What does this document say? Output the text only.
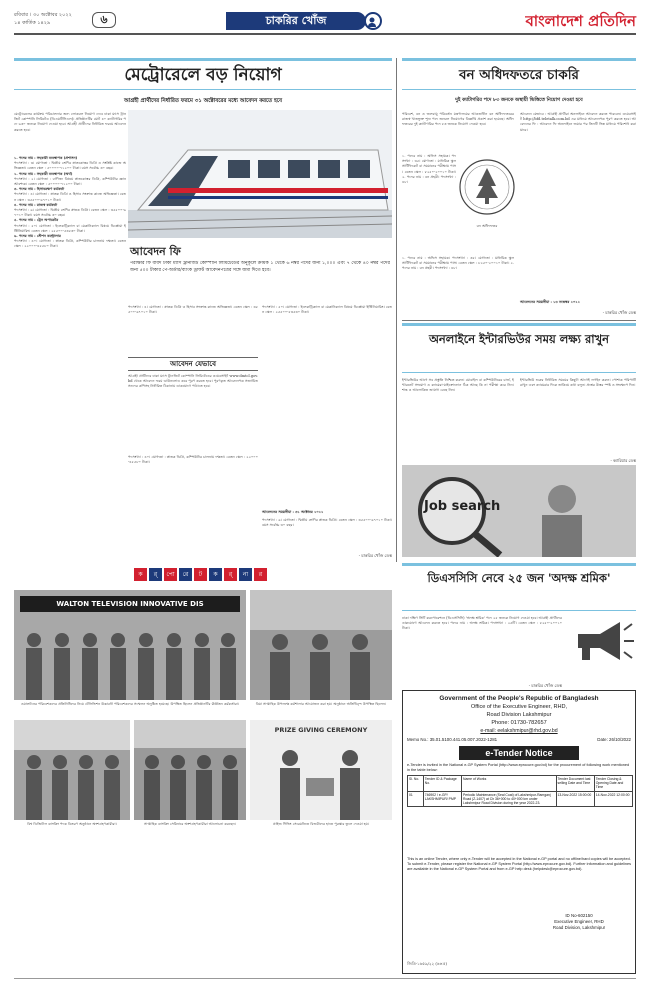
রবিবার । ৩০ অক্টোবর ২০২২
১৪ কার্তিক ১৪২৯	৬	চাকরির খোঁজ	বাংলাদেশ প্রতিদিন
মেট্রোরেলে বড় নিয়োগ
আগ্রহী প্রার্থীদের নির্ধারিত ফরমে ৩১ অক্টোবরের মধ্যে আবেদন করতে হবে
মেট্রোরেলের কার্যক্রম পরিচালনার জন্য লোকবল নিয়োগ দেবে ঢাকা ম্যাস ট্রানজিট কোম্পানি লিমিটেড (ডিএমটিসিএল)। প্রতিষ্ঠানটির মোট ৪০ ক্যাটাগরির পদে ৬৩০ জনকে নিয়োগ দেওয়া হবে। আগ্রহী প্রার্থীদের নির্ধারিত ফরমে আবেদন করতে হবে।
১. পদের নাম : সহকারী ব্যবস্থাপক (প্রশাসন)
পদসংখ্যা : ৩। যোগ্যতা : দ্বিতীয় শ্রেণির স্নাতকোত্তর ডিগ্রি ও সংশ্লিষ্ট কাজে অভিজ্ঞতা। বেতন স্কেল : ৫০০০০-৭১২০০ টাকা। বয়স সর্বোচ্চ ৩০ বছর।
২. পদের নাম : সহকারী ব্যবস্থাপক (অর্থ)
পদসংখ্যা : ২। যোগ্যতা : বাণিজ্য বিষয়ে স্নাতকোত্তর ডিগ্রি, কম্পিউটার জ্ঞান আবশ্যক। বেতন স্কেল : ৫০০০০-৭১২০০ টাকা।
৩. পদের নাম : হিসাবরক্ষণ কর্মকর্তা
পদসংখ্যা : ৪। যোগ্যতা : স্নাতক ডিগ্রি ও হিসাব সংক্রান্ত কাজে অভিজ্ঞতা। বেতন স্কেল : ৩৫৫০০-৬৭০১০ টাকা।
৪. পদের নাম : রাজস্ব কর্মকর্তা
পদসংখ্যা : ৬। যোগ্যতা : দ্বিতীয় শ্রেণির স্নাতক ডিগ্রি। বেতন স্কেল : ৩৫৫০০-৬৭০১০ টাকা। বয়স সর্বোচ্চ ৩০ বছর।
৫. পদের নাম : ট্রেন অপারেটর
পদসংখ্যা : ৫০। যোগ্যতা : ইলেকট্রিক্যাল বা মেকানিক্যাল বিষয়ে ডিপ্লোমা ইঞ্জিনিয়ারিং। বেতন স্কেল : ২৫৫০০-৫৩৫৩০ টাকা।
৬. পদের নাম : স্টেশন কন্ট্রোলার
পদসংখ্যা : ৪০। যোগ্যতা : স্নাতক ডিগ্রি, কম্পিউটার চালনায় দক্ষতা। বেতন স্কেল : ২২০০০-৪৫৫৮০ টাকা।	আবেদন ফি
পরীক্ষার ফি বাবদ ঢাকা ম্যাস ট্রানজিট কোম্পানি লিমিটেডের অনুকূলে ক্রমিক ১ থেকে ৬ নম্বর পদের জন্য ১,০০০ এবং ৭ থেকে ৪০ নম্বর পদের জন্য ৫০০ টাকার পে-অর্ডার/ব্যাংক ড্রাফট আবেদনপত্রের সঙ্গে জমা দিতে হবে।
পদসংখ্যা : ৪। যোগ্যতা : স্নাতক ডিগ্রি ও হিসাব সংক্রান্ত কাজে অভিজ্ঞতা। বেতন স্কেল : ৩৫৫০০-৬৭০১০ টাকা।
আবেদন যেভাবে
আগ্রহী প্রার্থীদের ঢাকা ম্যাস ট্রানজিট কোম্পানি লিমিটেডের ওয়েবসাইট www.dmtcl.gov.bd থেকে আবেদন ফরম ডাউনলোড করে পূরণ করতে হবে। পূরণকৃত আবেদনপত্র সত্যায়িত সনদের কপিসহ নির্ধারিত ঠিকানায় ডাকযোগে পাঠাতে হবে।
পদসংখ্যা : ৪০। যোগ্যতা : স্নাতক ডিগ্রি, কম্পিউটার চালনায় দক্ষতা। বেতন স্কেল : ২২০০০-৪৫৫৮০ টাকা।
পদসংখ্যা : ৫০। যোগ্যতা : ইলেকট্রিক্যাল বা মেকানিক্যাল বিষয়ে ডিপ্লোমা ইঞ্জিনিয়ারিং। বেতন স্কেল : ২৫৫০০-৫৩৫৩০ টাকা।
আবেদনের সময়সীমা : ৩১ অক্টোবর ২০২২
পদসংখ্যা : ৬। যোগ্যতা : দ্বিতীয় শ্রেণির স্নাতক ডিগ্রি। বেতন স্কেল : ৩৫৫০০-৬৭০১০ টাকা। বয়স সর্বোচ্চ ৩০ বছর।
- চাকরির খোঁজ ডেস্ক
বন অধিদফতরে চাকরি
দুই ক্যাটাগরির পদে ৮৩ জনকে অস্থায়ী ভিত্তিতে নিয়োগ দেওয়া হবে
পরিবেশ, বন ও জলবায়ু পরিবর্তন মন্ত্রণালয়ের আওতাধীন বন অধিদফতরের রাজস্ব খাতভুক্ত শূন্য পদে জনবল নিয়োগের বিজ্ঞপ্তি প্রকাশ করা হয়েছে। অধিদফতরের দুই ক্যাটাগরির পদে ৮৩ জনকে নিয়োগ দেওয়া হবে।
বন অধিদফতর
১. পদের নাম : অফিস সহায়ক। পদসংখ্যা : ৩৫। যোগ্যতা : মাধ্যমিক স্কুল সার্টিফিকেট বা সমমানের পরীক্ষায় পাস। বেতন স্কেল : ৮২৫০-২০০১০ টাকা। ২. পদের নাম : বন প্রহরী। পদসংখ্যা : ৪৮।
১. পদের নাম : অফিস সহায়ক। পদসংখ্যা : ৩৫। যোগ্যতা : মাধ্যমিক স্কুল সার্টিফিকেট বা সমমানের পরীক্ষায় পাস। বেতন স্কেল : ৮২৫০-২০০১০ টাকা। ২. পদের নাম : বন প্রহরী। পদসংখ্যা : ৪৮।
আবেদন যেভাবে : আগ্রহী প্রার্থীরা অনলাইনে আবেদন করতে পারবেন। ওয়েবসাইট http://bfd.teletalk.com.bd এর মাধ্যমে আবেদনপত্র পূরণ করতে হবে। আবেদনের ফি : আবেদন ফি অনলাইনে জমার পর তিনটি ভিন্ন মাধ্যমে পরিশোধ করা যাবে।
আবেদনের সময়সীমা : ১৩ নভেম্বর ২০২২
- চাকরির খোঁজ ডেস্ক
অনলাইনে ইন্টারভিউর সময় লক্ষ্য রাখুন
ইন্টারভিউর আগে সব প্রস্তুতি নিশ্চিত করুন। মোবাইল বা কম্পিউটারের চার্জ, ইন্টারনেট সংযোগ ও ক্যামেরা-মাইক্রোফোন ঠিক আছে কি না পরীক্ষা করে নিন। শান্ত ও আলোকিত জায়গা বেছে নিন।
ইন্টারভিউ শুরুর নির্ধারিত সময়ের কিছুটা আগেই লগইন করুন। পোশাক পরিপাটি রাখুন এবং ক্যামেরার দিকে তাকিয়ে কথা বলুন। প্রশ্নের উত্তর স্পষ্ট ও সংক্ষেপে দিন।
- ক্যারিয়ার ডেস্ক
Job search
ডিএসসিসি নেবে ২৫ জন 'অদক্ষ শ্রমিক'
ঢাকা দক্ষিণ সিটি করপোরেশনে (ডিএসসিসি) 'অদক্ষ শ্রমিক' পদে ২৫ জনকে নিয়োগ দেওয়া হবে। আগ্রহী প্রার্থীদের ডাকযোগে আবেদন করতে হবে। পদের নাম : অদক্ষ শ্রমিক। পদসংখ্যা : ২৫টি। বেতন স্কেল : ৮২৫০-২০০১০ টাকা।
- চাকরির খোঁজ ডেস্ক
ক	র্	পো	রে	ট	ক	র্	না	র
WALTON TELEVISION INNOVATIVE DIS
ওয়ালটনের পরিবেশকদের প্রতিনিধিদের নিয়ে টেলিভিশন উদ্ভাবনী পরিবেশকদের সম্মেলন অনুষ্ঠিত হয়েছে। উপস্থিত ছিলেন প্রতিষ্ঠানটির ঊর্ধ্বতন কর্মকর্তারা।	বিমা সাপ্তাহিক উপলক্ষে কর্মশালার আয়োজন করা হয়। অনুষ্ঠানে অতিথিবৃন্দ উপস্থিত ছিলেন।
বিশ্ব ডিজিটাল ব্যাংকিং পদক বিতরণ অনুষ্ঠানে অংশগ্রহণকারীরা।	সাপ্তাহিক ব্যাংকিং সেমিনারে অংশগ্রহণকারীরা আলোচনা করছেন।
PRIZE GIVING CEREMONY
প্রাইজ গিভিং সেরেমনিতে বিজয়ীদের হাতে পুরস্কার তুলে দেওয়া হয়।
Government of the People's Republic of Bangladesh
Office of the Executive Engineer, RHD,
Road Division Lakshmipur
Phone: 01730-782657
e-mail: eelakshmipur@rhd.gov.bd
Memo No.: 35.01.5100.441.05.007.2022-1281	Date: 26/10/2022
e-Tender Notice
e-Tender is invited in the National e-GP System Portal (http://www.eprocure.gov.bd) for the procurement of following work mentioned in the table below:
Sl. No.	Tender ID & Package No.	Name of Works	Tender Document last selling Date and Time	Tender Closing & Opening Date and Time
01	746902 / e-GP/ LAKSHMIPUR/ PMP	Periodic Maintenance (Seal Coat) of Lakshmipur-Ramganj Road (Z-1407) at Ch 36+000 to 40+000 km under Lakshmipur Road Division during the year 2022-23.	13-Nov-2022 15:00:00	14-Nov-2022 12:00:00
This is an online Tender, where only e-Tender will be accepted in the National e-GP portal and no offline/hard copies will be accepted. To submit e-Tender, please register the National e-GP System Portal (http://www.eprocure.gov.bd). Further information and guidelines are available in the National e-GP System Portal and from e-GP help desk (helpdesk@eprocure.gov.bd).
ID No-602150
Executive Engineer, RHD
Road Division, Lakshmipur
জিডি-১৬৫৯/২২ (৬×৫)
